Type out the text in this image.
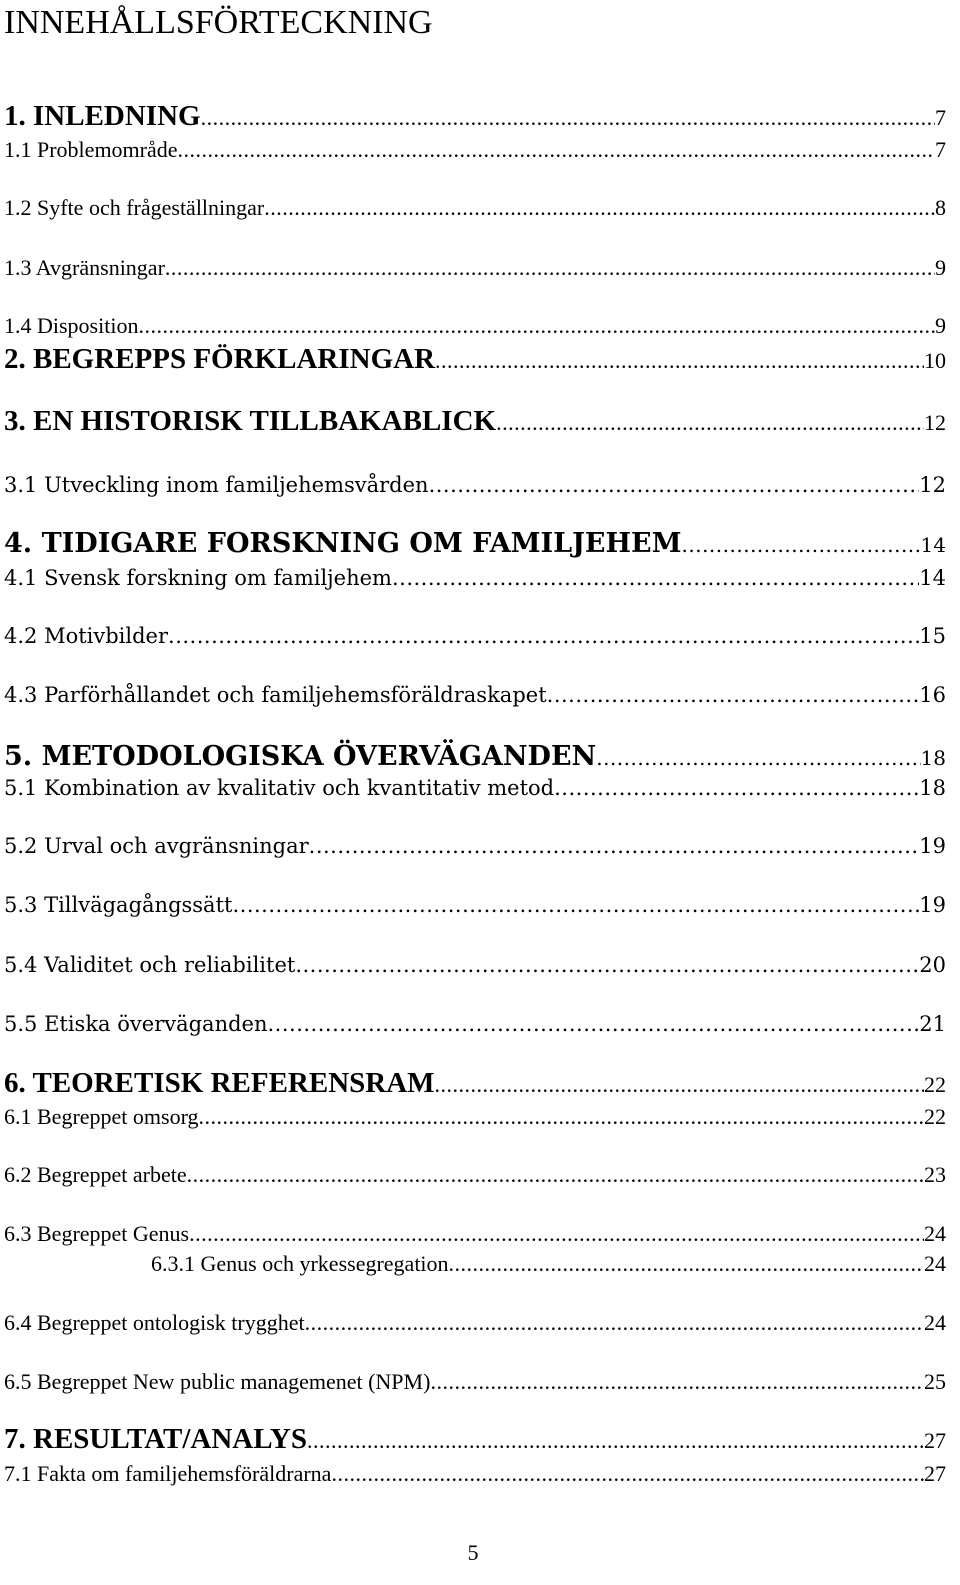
INNEHÅLLSFÖRTECKNING
1. INLEDNING .....	7
1.1 Problemområde .....	7
1.2 Syfte och frågeställningar .....	8
1.3 Avgränsningar .....	9
1.4 Disposition .....	9
2. BEGREPPS FÖRKLARINGAR .....	10
3. EN HISTORISK TILLBAKABLICK .....	12
3.1 Utveckling inom familjehemsvården .....	12
4. TIDIGARE FORSKNING OM FAMILJEHEM .....	14
4.1 Svensk forskning om familjehem .....	14
4.2 Motivbilder .....	15
4.3 Parförhållandet och familjehemsföräldraskapet .....	16
5. METODOLOGISKA ÖVERVÄGANDEN .....	18
5.1 Kombination av kvalitativ och kvantitativ metod .....	18
5.2 Urval och avgränsningar .....	19
5.3 Tillvägagångssätt .....	19
5.4 Validitet och reliabilitet .....	20
5.5 Etiska överväganden .....	21
6. TEORETISK REFERENSRAM .....	22
6.1 Begreppet omsorg .....	22
6.2 Begreppet arbete .....	23
6.3 Begreppet Genus .....	24
6.3.1 Genus och yrkessegregation .....	24
6.4 Begreppet ontologisk trygghet .....	24
6.5 Begreppet New public managemenet (NPM) .....	25
7. RESULTAT/ANALYS .....	27
7.1 Fakta om familjehemsföräldrarna .....	27
5
